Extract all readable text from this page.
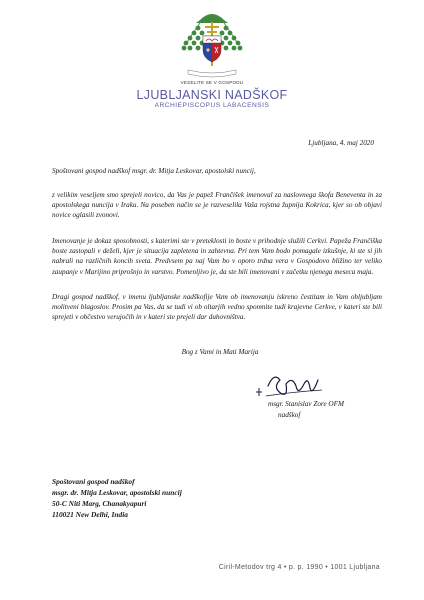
VESELITE SE V GOSPODU
LJUBLJANSKI NADŠKOF
ARCHIEPISCOPUS LABACENSIS
Ljubljana, 4. maj 2020
Spoštovani gospod nadškof msgr. dr. Mitja Leskovar, apostolski nuncij,
z velikim veseljem smo sprejeli novico, da Vas je papež Frančišek imenoval za naslovnega škofa Beneventa in za apostolskega nuncija v Iraku. Na poseben način se je razveselila Vaša rojstna župnija Kokrica, kjer so ob objavi novice oglasili zvonovi.
Imenovanje je dokaz sposobnosti, s katerimi ste v preteklosti in boste v prihodnje služili Cerkvi. Papeža Frančiška boste zastopali v deželi, kjer je situacija zapletena in zahtevna. Pri tem Vam bodo pomagale izkušnje, ki ste si jih nabrali na različnih koncih sveta. Predvsem pa naj Vam bo v oporo trdna vera v Gospodovo bližino ter veliko zaupanje v Marijino priprošnjo in varstvo. Pomenljivo je, da ste bili imenovani v začetku njenega meseca maja.
Dragi gospod nadškof, v imenu ljubljanske nadškofije Vam ob imenovanju iskreno čestitam in Vam obljubljam molitveni blagoslov. Prosim pa Vas, da se tudi vi ob oltarjih vedno spomnite tudi krajevne Cerkve, v kateri ste bili sprejeti v občestvo verujočih in v kateri ste prejeli dar duhovništva.
Bog z Vami in Mati Marija
msgr. Stanislav Zore OFM
nadškof
Spoštovani gospod nadškof
msgr. dr. Mitja Leskovar, apostolski nuncij
50-C Niti Marg, Chanakyapuri
110021 New Delhi, India
Ciril-Metodov trg 4 • p. p. 1990 • 1001 Ljubljana
